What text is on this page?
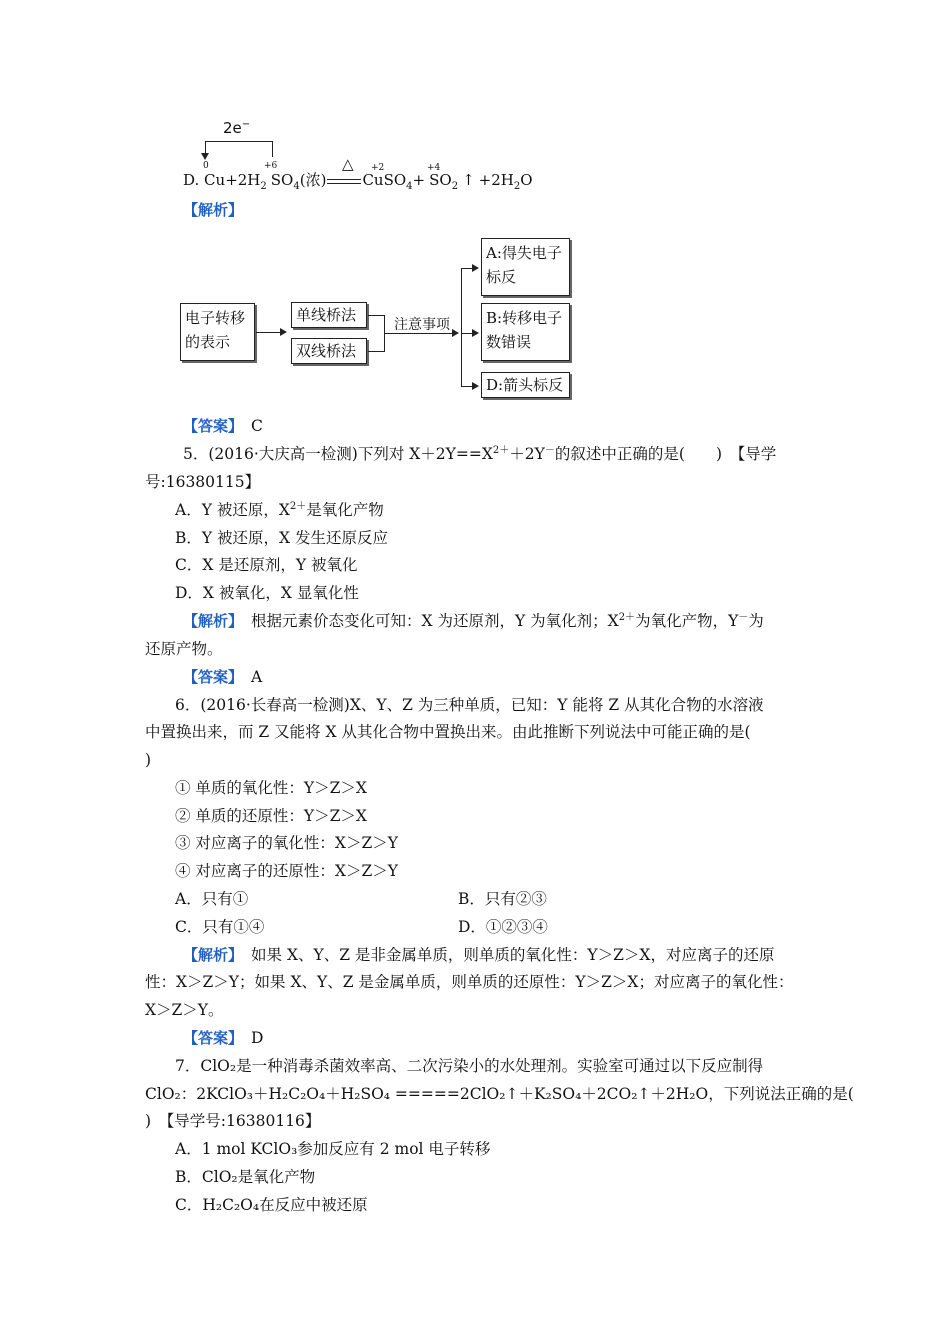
2e−
0	+6	△ +2	+4
D. $Cu+2H_2$ $SO_4$(浓) CuSO$_4$+ $SO_2$ ↑ $+2H_2O$
【解析】
电子转移
的表示
单线桥法
双线桥法
注意事项
A:得失电子
标反
B:转移电子
数错误
D:箭头标反
【答案】　 C
5．(2016·大庆高一检测)下列对 $X+2Y==X^{2+}+2Y^-$的叙述中正确的是(　　)　【导学
号:16380115】
A．Y 被还原，$X^{2+}$是氧化产物
B．Y 被还原，X 发生还原反应
C．X 是还原剂，Y 被氧化
D．X 被氧化，X 显氧化性
【解析】　根据元素价态变化可知：X 为还原剂，Y 为氧化剂；$X^{2+}$为氧化产物，Y－为
还原产物。
【答案】　 A
6．(2016·长春高一检测)X、Y、Z 为三种单质，已知：Y 能将 Z 从其化合物的水溶液
中置换出来，而 Z 又能将 X 从其化合物中置换出来。由此推断下列说法中可能正确的是(
)
① 单质的氧化性：Y＞Z＞X
② 单质的还原性：Y＞Z＞X
③ 对应离子的氧化性：X＞Z＞Y
④ 对应离子的还原性：X＞Z＞Y
A．只有①	B．只有②③
C．只有①④	D．①②③④
【解析】　如果 X、Y、Z 是非金属单质，则单质的氧化性：Y＞Z＞X，对应离子的还原
性：X＞Z＞Y；如果 X、Y、Z 是金属单质，则单质的还原性：Y＞Z＞X；对应离子的氧化性：
X＞Z＞Y。
【答案】　 D
7．ClO₂是一种消毒杀菌效率高、二次污染小的水处理剂。实验室可通过以下反应制得
ClO₂：2KClO₃＋H₂C₂O₄＋H₂SO₄ =====2ClO₂↑＋K₂SO₄＋2CO₂↑＋2H₂O，下列说法正确的是(
)　【导学号:16380116】
A．1 mol KClO₃参加反应有 2 mol 电子转移
B．ClO₂是氧化产物
C．H₂C₂O₄在反应中被还原
